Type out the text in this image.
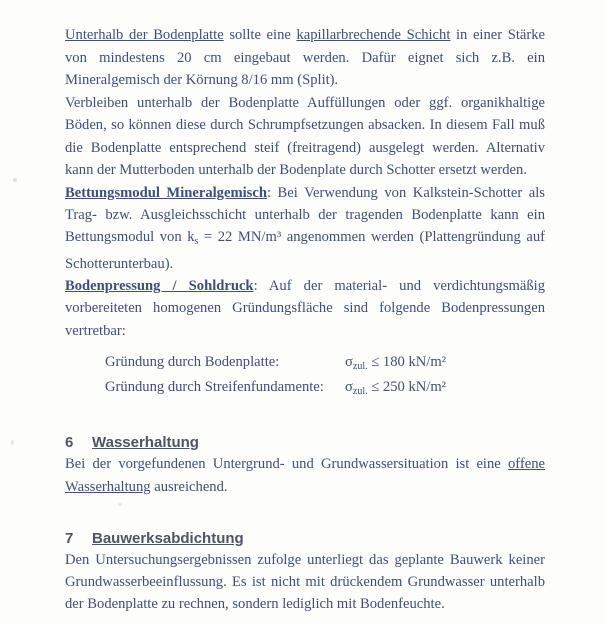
Unterhalb der Bodenplatte sollte eine kapillarbrechende Schicht in einer Stärke von mindestens 20 cm eingebaut werden. Dafür eignet sich z.B. ein Mineralgemisch der Körnung 8/16 mm (Split).

Verbleiben unterhalb der Bodenplatte Auffüllungen oder ggf. organikhaltige Böden, so können diese durch Schrumpfsetzungen absacken. In diesem Fall muß die Bodenplatte entsprechend steif (freitragend) ausgelegt werden. Alternativ kann der Mutterboden unterhalb der Bodenplate durch Schotter ersetzt werden.

Bettungsmodul Mineralgemisch: Bei Verwendung von Kalkstein-Schotter als Trag- bzw. Ausgleichsschicht unterhalb der tragenden Bodenplatte kann ein Bettungsmodul von $k_s = 22$ MN/m³ angenommen werden (Plattengründung auf Schotterunterbau).

Bodenpressung / Sohldruck: Auf der material- und verdichtungsmäßig vorbereiteten homogenen Gründungsfläche sind folgende Bodenpressungen vertretbar:

Gründung durch Bodenplatte:	$\sigma_{zul.} \le 180$ kN/m²
Gründung durch Streifenfundamente:	$\sigma_{zul.} \le 250$ kN/m²
6 Wasserhaltung

Bei der vorgefundenen Untergrund- und Grundwassersituation ist eine offene Wasserhaltung ausreichend.

7 Bauwerksabdichtung

Den Untersuchungsergebnissen zufolge unterliegt das geplante Bauwerk keiner Grundwasserbeeinflussung. Es ist nicht mit drückendem Grundwasser unterhalb der Bodenplatte zu rechnen, sondern lediglich mit Bodenfeuchte.
